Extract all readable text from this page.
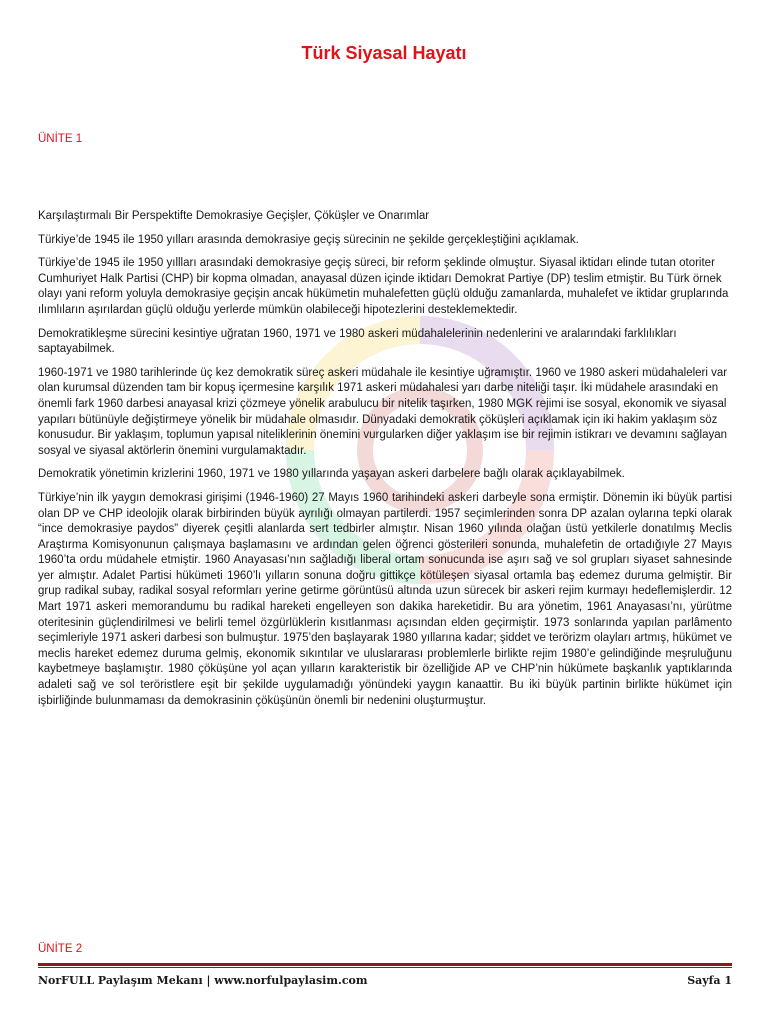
Türk Siyasal Hayatı
ÜNİTE 1

Karşılaştırmalı Bir Perspektifte Demokrasiye Geçişler, Çöküşler ve Onarımlar

Türkiye’de 1945 ile 1950 yılları arasında demokrasiye geçiş sürecinin ne şekilde gerçekleştiğini açıklamak.

Türkiye’de 1945 ile 1950 yıllları arasındaki demokrasiye geçiş süreci, bir reform şeklinde olmuştur. Siyasal iktidarı elinde tutan otoriter Cumhuriyet Halk Partisi (CHP) bir kopma olmadan, anayasal düzen içinde iktidarı Demokrat Partiye (DP) teslim etmiştir. Bu Türk örnek olayı yani reform yoluyla demokrasiye geçişin ancak hükümetin muhalefetten güçlü olduğu zamanlarda, muhalefet ve iktidar gruplarında ılımlıların aşırılardan güçlü olduğu yerlerde mümkün olabileceği hipotezlerini desteklemektedir.

Demokratikleşme sürecini kesintiye uğratan 1960, 1971 ve 1980 askeri müdahalelerinin nedenlerini ve aralarındaki farklılıkları saptayabilmek.

1960-1971 ve 1980 tarihlerinde üç kez demokratik süreç askeri müdahale ile kesintiye uğramıştır. 1960 ve 1980 askeri müdahaleleri var olan kurumsal düzenden tam bir kopuş içermesine karşılık 1971 askeri müdahalesi yarı darbe niteliği taşır. İki müdahele arasındaki en önemli fark 1960 darbesi anayasal krizi çözmeye yönelik arabulucu bir nitelik taşırken, 1980 MGK rejimi ise sosyal, ekonomik ve siyasal yapıları bütünüyle değiştirmeye yönelik bir müdahale olmasıdır. Dünyadaki demokratik çöküşleri açıklamak için iki hakim yaklaşım söz konusudur. Bir yaklaşım, toplumun yapısal niteliklerinin önemini vurgularken diğer yaklaşım ise bir rejimin istikrarı ve devamını sağlayan sosyal ve siyasal aktörlerin önemini vurgulamaktadır.

Demokratik yönetimin krizlerini 1960, 1971 ve 1980 yıllarında yaşayan askeri darbelere bağlı olarak açıklayabilmek.

Türkiye’nin ilk yaygın demokrasi girişimi (1946-1960) 27 Mayıs 1960 tarihindeki askeri darbeyle sona ermiştir. Dönemin iki büyük partisi olan DP ve CHP ideolojik olarak birbirinden büyük ayrılığı olmayan partilerdi. 1957 seçimlerinden sonra DP azalan oylarına tepki olarak “ince demokrasiye paydos” diyerek çeşitli alanlarda sert tedbirler almıştır. Nisan 1960 yılında olağan üstü yetkilerle donatılmış Meclis Araştırma Komisyonunun çalışmaya başlamasını ve ardından gelen öğrenci gösterileri sonunda, muhalefetin de ortadığıyle 27 Mayıs 1960’ta ordu müdahele etmiştir. 1960 Anayasası’nın sağladığı liberal ortam sonucunda ise aşırı sağ ve sol grupları siyaset sahnesinde yer almıştır. Adalet Partisi hükümeti 1960’lı yılların sonuna doğru gittikçe kötüleşen siyasal ortamla baş edemez duruma gelmiştir. Bir grup radikal subay, radikal sosyal reformları yerine getirme görüntüsü altında uzun sürecek bir askeri rejim kurmayı hedeflemişlerdir. 12 Mart 1971 askeri memorandumu bu radikal hareketi engelleyen son dakika hareketidir. Bu ara yönetim, 1961 Anayasası’nı, yürütme oteritesinin güçlendirilmesi ve belirli temel özgürlüklerin kısıtlanması açısından elden geçirmiştir. 1973 sonlarında yapılan parlâmento seçimleriyle 1971 askeri darbesi son bulmuştur. 1975’den başlayarak 1980 yıllarına kadar; şiddet ve terörizm olayları artmış, hükümet ve meclis hareket edemez duruma gelmiş, ekonomik sıkıntılar ve uluslararası problemlerle birlikte rejim 1980’e gelindiğinde meşruluğunu kaybetmeye başlamıştır. 1980 çöküşüne yol açan yılların karakteristik bir özelliğide AP ve CHP’nin hükümete başkanlık yaptıklarında adaleti sağ ve sol teröristlere eşit bir şekilde uygulamadığı yönündeki yaygın kanaattir. Bu iki büyük partinin birlikte hükümet için işbirliğinde bulunmaması da demokrasinin çöküşünün önemli bir nedenini oluşturmuştur.

ÜNİTE 2
NorFULL Paylaşım Mekanı | www.norfulpaylasim.com	Sayfa 1
